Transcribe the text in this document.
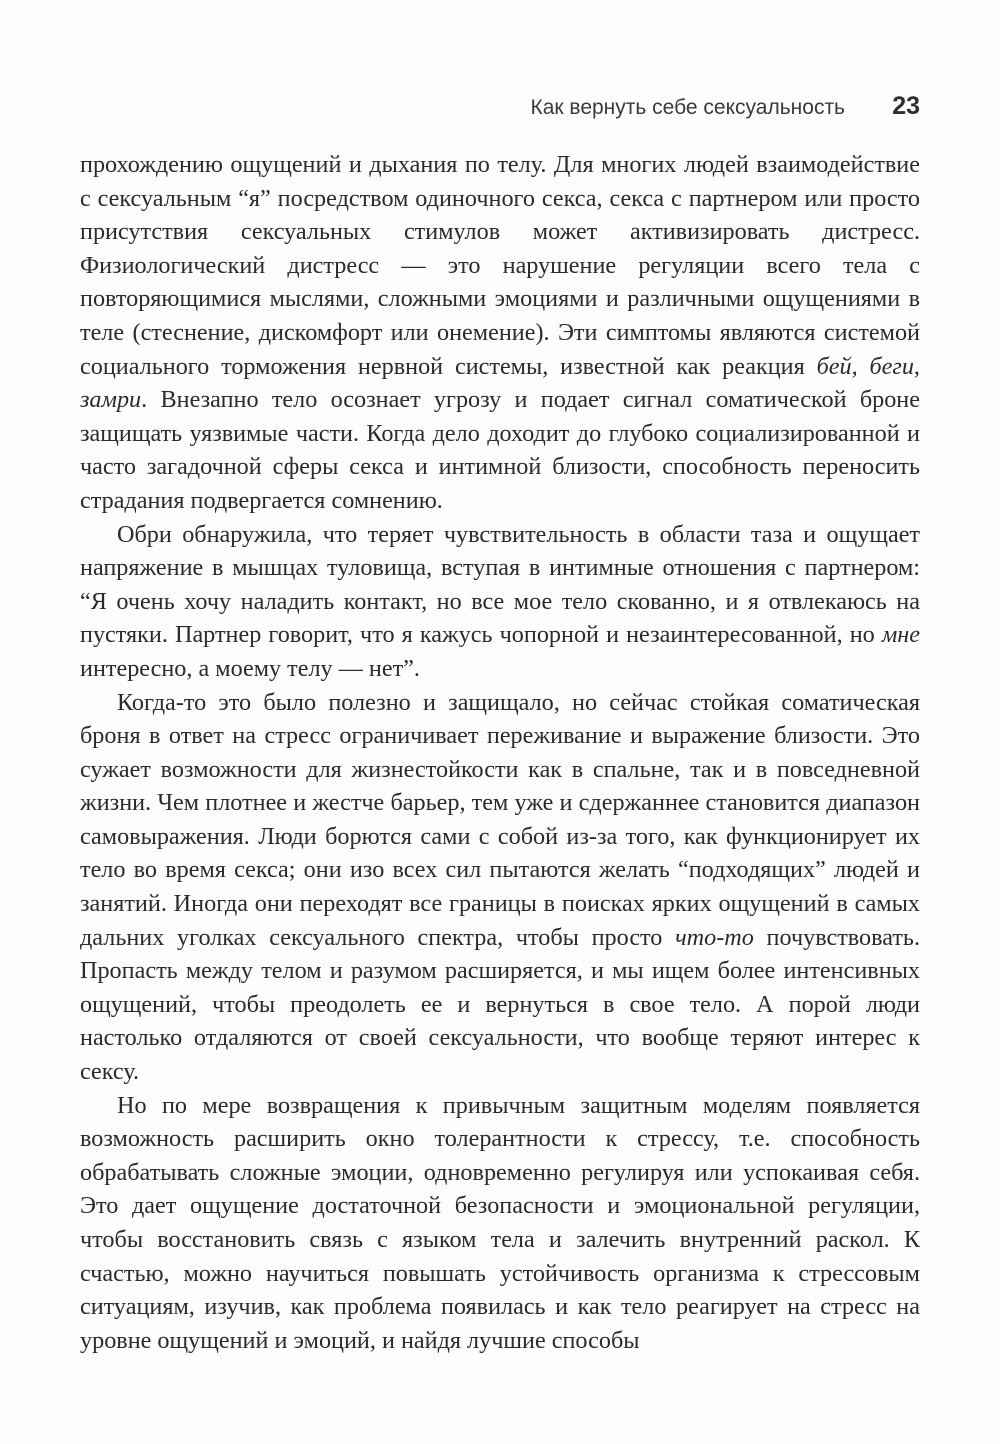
Как вернуть себе сексуальность 23

прохождению ощущений и дыхания по телу. Для многих людей взаимодействие с сексуальным “я” посредством одиночного секса, секса с партнером или просто присутствия сексуальных стимулов может активизировать дистресс. Физиологический дистресс — это нарушение регуляции всего тела с повторяющимися мыслями, сложными эмоциями и различными ощущениями в теле (стеснение, дискомфорт или онемение). Эти симптомы являются системой социального торможения нервной системы, известной как реакция бей, беги, замри. Внезапно тело осознает угрозу и подает сигнал соматической броне защищать уязвимые части. Когда дело доходит до глубоко социализированной и часто загадочной сферы секса и интимной близости, способность переносить страдания подвергается сомнению.

Обри обнаружила, что теряет чувствительность в области таза и ощущает напряжение в мышцах туловища, вступая в интимные отношения с партнером: “Я очень хочу наладить контакт, но все мое тело скованно, и я отвлекаюсь на пустяки. Партнер говорит, что я кажусь чопорной и незаинтересованной, но мне интересно, а моему телу — нет”.

Когда-то это было полезно и защищало, но сейчас стойкая соматическая броня в ответ на стресс ограничивает переживание и выражение близости. Это сужает возможности для жизнестойкости как в спальне, так и в повседневной жизни. Чем плотнее и жестче барьер, тем уже и сдержаннее становится диапазон самовыражения. Люди борются сами с собой из-за того, как функционирует их тело во время секса; они изо всех сил пытаются желать “подходящих” людей и занятий. Иногда они переходят все границы в поисках ярких ощущений в самых дальних уголках сексуального спектра, чтобы просто что-то почувствовать. Пропасть между телом и разумом расширяется, и мы ищем более интенсивных ощущений, чтобы преодолеть ее и вернуться в свое тело. А порой люди настолько отдаляются от своей сексуальности, что вообще теряют интерес к сексу.

Но по мере возвращения к привычным защитным моделям появляется возможность расширить окно толерантности к стрессу, т.е. способность обрабатывать сложные эмоции, одновременно регулируя или успокаивая себя. Это дает ощущение достаточной безопасности и эмоциональной регуляции, чтобы восстановить связь с языком тела и залечить внутренний раскол. К счастью, можно научиться повышать устойчивость организма к стрессовым ситуациям, изучив, как проблема появилась и как тело реагирует на стресс на уровне ощущений и эмоций, и найдя лучшие способы
